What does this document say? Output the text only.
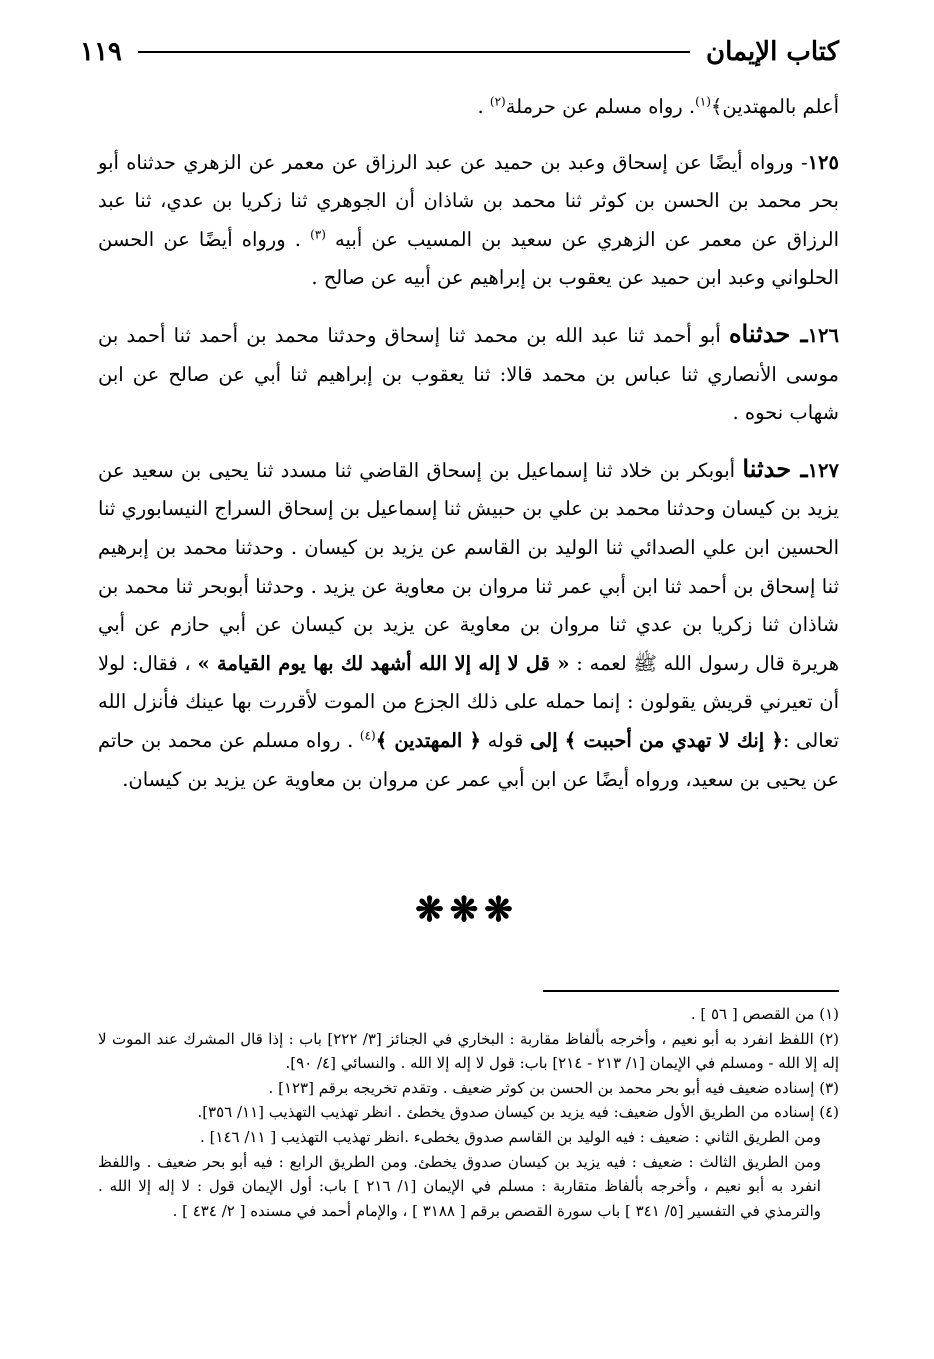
كتاب الإيمان
١١٩

أعلم بالمهتدين﴾$^{(١)}$. رواه مسلم عن حرملة$^{(٢)}$ .

١٢٥- ورواه أيضًا عن إسحاق وعبد بن حميد عن عبد الرزاق عن معمر عن الزهري حدثناه أبو بحر محمد بن الحسن بن كوثر ثنا محمد بن شاذان أن الجوهري ثنا زكريا بن عدي، ثنا عبد الرزاق عن معمر عن الزهري عن سعيد بن المسيب عن أبيه $^{(٣)}$ . ورواه أيضًا عن الحسن الحلواني وعبد ابن حميد عن يعقوب بن إبراهيم عن أبيه عن صالح .

١٢٦ـ حدثناه أبو أحمد ثنا عبد الله بن محمد ثنا إسحاق وحدثنا محمد بن أحمد ثنا أحمد بن موسى الأنصاري ثنا عباس بن محمد قالا: ثنا يعقوب بن إبراهيم ثنا أبي عن صالح عن ابن شهاب نحوه .

١٢٧ـ حدثنا أبوبكر بن خلاد ثنا إسماعيل بن إسحاق القاضي ثنا مسدد ثنا يحيى بن سعيد عن يزيد بن كيسان وحدثنا محمد بن علي بن حبيش ثنا إسماعيل بن إسحاق السراج النيسابوري ثنا الحسين ابن علي الصدائي ثنا الوليد بن القاسم عن يزيد بن كيسان . وحدثنا محمد بن إبرهيم ثنا إسحاق بن أحمد ثنا ابن أبي عمر ثنا مروان بن معاوية عن يزيد . وحدثنا أبوبحر ثنا محمد بن شاذان ثنا زكريا بن عدي ثنا مروان بن معاوية عن يزيد بن كيسان عن أبي حازم عن أبي هريرة قال رسول الله ﷺ لعمه : « قل لا إله إلا الله أشهد لك بها يوم القيامة » ، فقال: لولا أن تعيرني قريش يقولون : إنما حمله على ذلك الجزع من الموت لأقررت بها عينك فأنزل الله تعالى :﴿ إنك لا تهدي من أحببت ﴾ إلى قوله ﴿ المهتدين ﴾$^{(٤)}$ . رواه مسلم عن محمد بن حاتم عن يحيى بن سعيد، ورواه أيضًا عن ابن أبي عمر عن مروان بن معاوية عن يزيد بن كيسان.

❋❋❋

(١) من القصص [ ٥٦ ] .

(٢) اللفظ انفرد به أبو نعيم ، وأخرجه بألفاظ مقاربة : البخاري في الجنائز [٣/ ٢٢٢] باب : إذا قال المشرك عند الموت لا إله إلا الله - ومسلم في الإيمان [١/ ٢١٣ - ٢١٤] باب: قول لا إله إلا الله . والنسائي [٤/ ٩٠].

(٣) إسناده ضعيف فيه أبو بحر محمد بن الحسن بن كوثر ضعيف . وتقدم تخريجه برقم [١٢٣] .

(٤) إسناده من الطريق الأول ضعيف: فيه يزيد بن كيسان صدوق يخطئ . انظر تهذيب التهذيب [١١/ ٣٥٦].

ومن الطريق الثاني : ضعيف : فيه الوليد بن القاسم صدوق يخطىء .انظر تهذيب التهذيب [ ١١/ ١٤٦] .

ومن الطريق الثالث : ضعيف : فيه يزيد بن كيسان صدوق يخطئ. ومن الطريق الرابع : فيه أبو بحر ضعيف . واللفظ انفرد به أبو نعيم ، وأخرجه بألفاظ متقاربة : مسلم في الإيمان [١/ ٢١٦ ] باب: أول الإيمان قول : لا إله إلا الله . والترمذي في التفسير [٥/ ٣٤١ ] باب سورة القصص برقم [ ٣١٨٨ ] ، والإمام أحمد في مسنده [ ٢/ ٤٣٤ ] .
